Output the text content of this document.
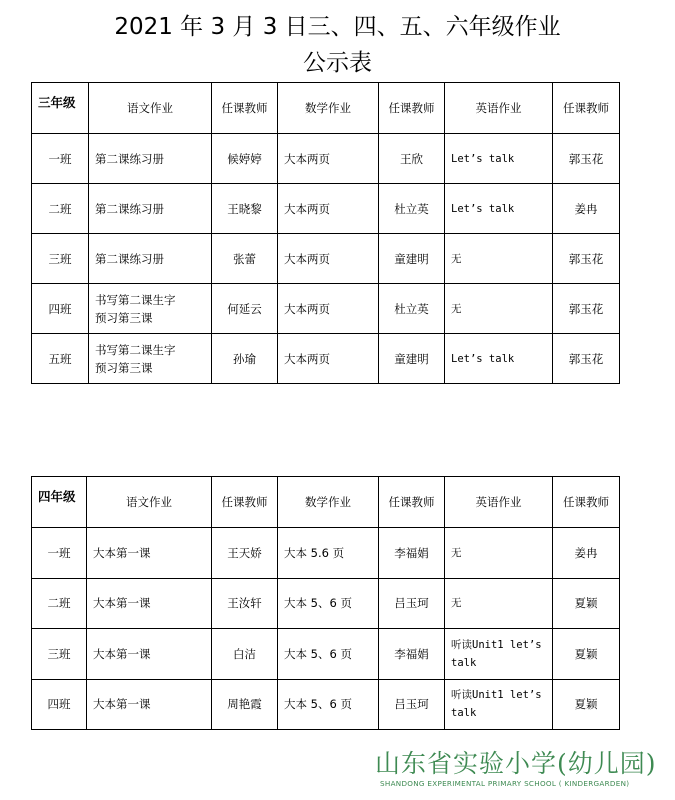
2021 年 3 月 3 日三、四、五、六年级作业
公示表
三年级	语文作业	任课教师	数学作业	任课教师	英语作业	任课教师
一班	第二课练习册	候婷婷	大本两页	王欣	Let’s talk	郭玉花
二班	第二课练习册	王晓黎	大本两页	杜立英	Let’s talk	姜冉
三班	第二课练习册	张蕾	大本两页	童建明	无	郭玉花
四班	书写第二课生字
预习第三课	何延云	大本两页	杜立英	无	郭玉花
五班	书写第二课生字
预习第三课	孙瑜	大本两页	童建明	Let’s talk	郭玉花
四年级	语文作业	任课教师	数学作业	任课教师	英语作业	任课教师
一班	大本第一课	王天娇	大本 5.6 页	李福娟	无	姜冉
二班	大本第一课	王汝轩	大本 5、6 页	吕玉珂	无	夏颖
三班	大本第一课	白洁	大本 5、6 页	李福娟	听读Unit1 let’s
talk	夏颖
四班	大本第一课	周艳霞	大本 5、6 页	吕玉珂	听读Unit1 let’s
talk	夏颖
山东省实验小学(幼儿园)
SHANDONG EXPERIMENTAL PRIMARY SCHOOL ( KINDERGARDEN)
